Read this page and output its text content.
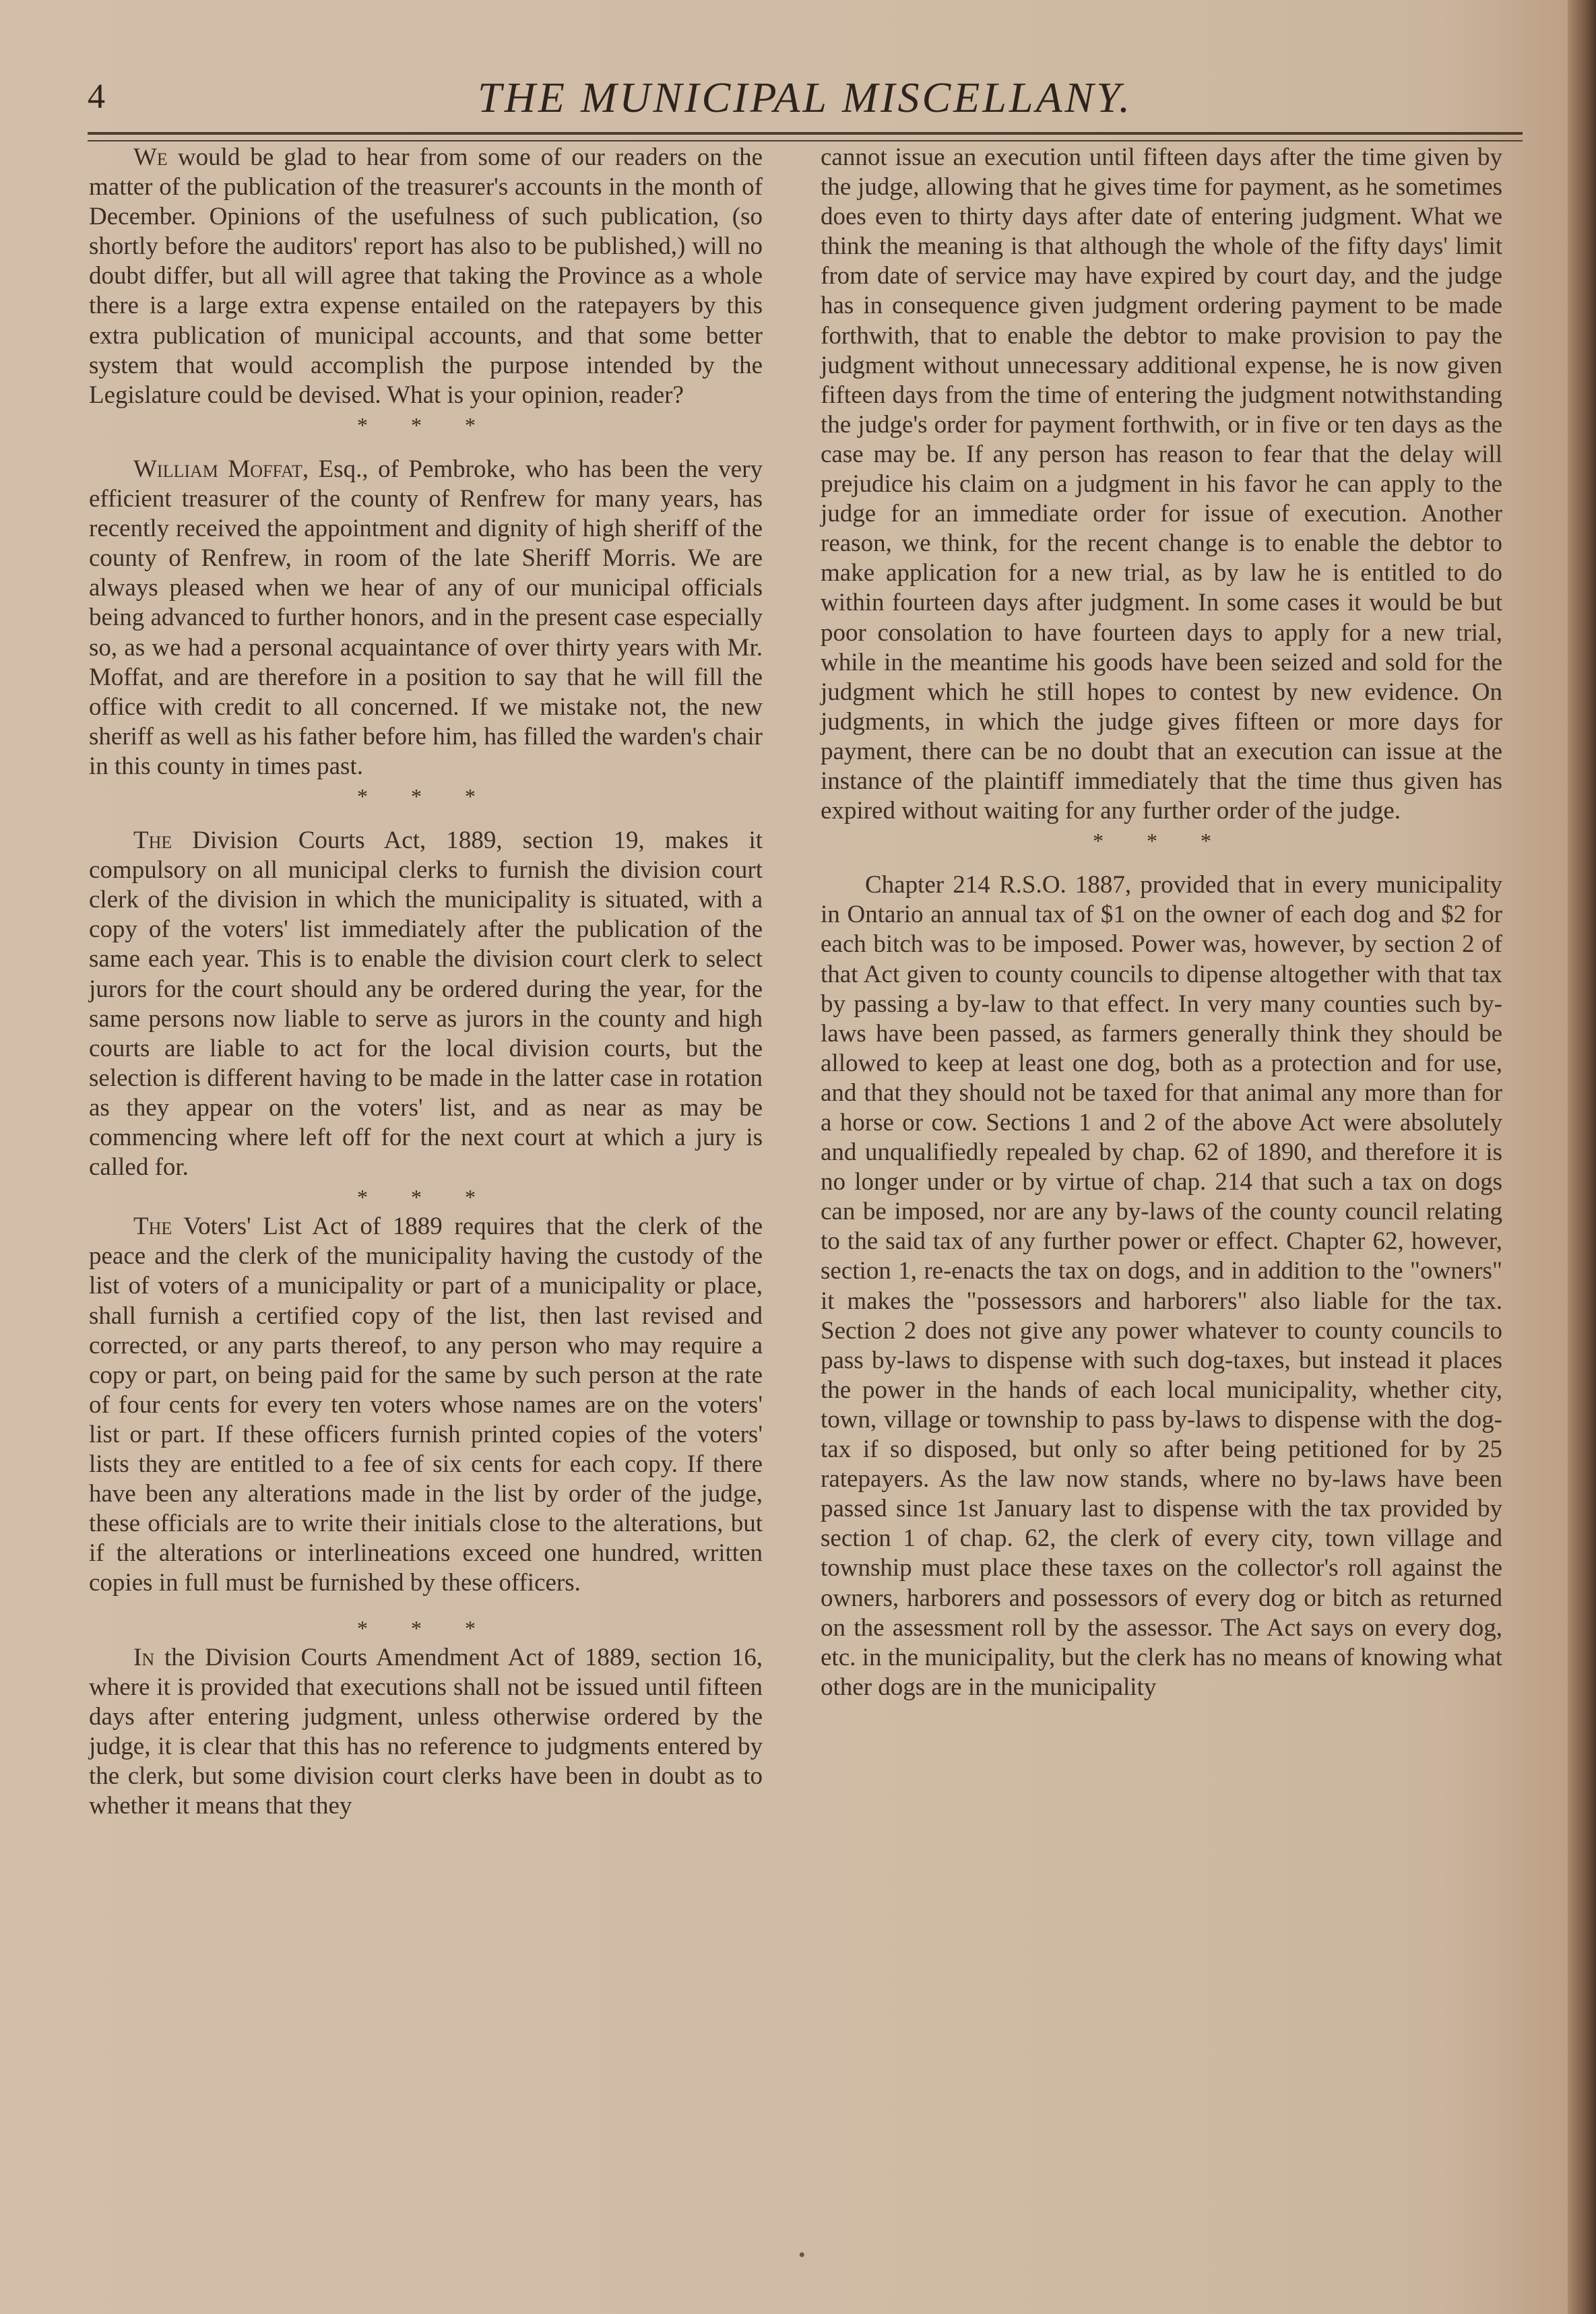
4	THE MUNICIPAL MISCELLANY.

We would be glad to hear from some of our readers on the matter of the publication of the treasurer's accounts in the month of December. Opinions of the usefulness of such publication, (so shortly before the auditors' report has also to be published,) will no doubt differ, but all will agree that taking the Province as a whole there is a large extra expense entailed on the ratepayers by this extra publication of municipal accounts, and that some better system that would accomplish the purpose intended by the Legislature could be devised. What is your opinion, reader?

* * *

William Moffat, Esq., of Pembroke, who has been the very efficient treasurer of the county of Renfrew for many years, has recently received the appointment and dignity of high sheriff of the county of Renfrew, in room of the late Sheriff Morris. We are always pleased when we hear of any of our municipal officials being advanced to further honors, and in the present case especially so, as we had a personal acquaintance of over thirty years with Mr. Moffat, and are therefore in a position to say that he will fill the office with credit to all concerned. If we mistake not, the new sheriff as well as his father before him, has filled the warden's chair in this county in times past.

* * *

The Division Courts Act, 1889, section 19, makes it compulsory on all municipal clerks to furnish the division court clerk of the division in which the municipality is situated, with a copy of the voters' list immediately after the publication of the same each year. This is to enable the division court clerk to select jurors for the court should any be ordered during the year, for the same persons now liable to serve as jurors in the county and high courts are liable to act for the local division courts, but the selection is different having to be made in the latter case in rotation as they appear on the voters' list, and as near as may be commencing where left off for the next court at which a jury is called for.

* * *

The Voters' List Act of 1889 requires that the clerk of the peace and the clerk of the municipality having the custody of the list of voters of a municipality or part of a municipality or place, shall furnish a certified copy of the list, then last revised and corrected, or any parts thereof, to any person who may require a copy or part, on being paid for the same by such person at the rate of four cents for every ten voters whose names are on the voters' list or part. If these officers furnish printed copies of the voters' lists they are entitled to a fee of six cents for each copy. If there have been any alterations made in the list by order of the judge, these officials are to write their initials close to the alterations, but if the alterations or interlineations exceed one hundred, written copies in full must be furnished by these officers.

* * *

In the Division Courts Amendment Act of 1889, section 16, where it is provided that executions shall not be issued until fifteen days after entering judgment, unless otherwise ordered by the judge, it is clear that this has no reference to judgments entered by the clerk, but some division court clerks have been in doubt as to whether it means that they

cannot issue an execution until fifteen days after the time given by the judge, allowing that he gives time for payment, as he sometimes does even to thirty days after date of entering judgment. What we think the meaning is that although the whole of the fifty days' limit from date of service may have expired by court day, and the judge has in consequence given judgment ordering payment to be made forthwith, that to enable the debtor to make provision to pay the judgment without unnecessary additional expense, he is now given fifteen days from the time of entering the judgment notwithstanding the judge's order for payment forthwith, or in five or ten days as the case may be. If any person has reason to fear that the delay will prejudice his claim on a judgment in his favor he can apply to the judge for an immediate order for issue of execution. Another reason, we think, for the recent change is to enable the debtor to make application for a new trial, as by law he is entitled to do within fourteen days after judgment. In some cases it would be but poor consolation to have fourteen days to apply for a new trial, while in the meantime his goods have been seized and sold for the judgment which he still hopes to contest by new evidence. On judgments, in which the judge gives fifteen or more days for payment, there can be no doubt that an execution can issue at the instance of the plaintiff immediately that the time thus given has expired without waiting for any further order of the judge.

* * *

Chapter 214 R.S.O. 1887, provided that in every municipality in Ontario an annual tax of $1 on the owner of each dog and $2 for each bitch was to be imposed. Power was, however, by section 2 of that Act given to county councils to dipense altogether with that tax by passing a by-law to that effect. In very many counties such by-laws have been passed, as farmers generally think they should be allowed to keep at least one dog, both as a protection and for use, and that they should not be taxed for that animal any more than for a horse or cow. Sections 1 and 2 of the above Act were absolutely and unqualifiedly repealed by chap. 62 of 1890, and therefore it is no longer under or by virtue of chap. 214 that such a tax on dogs can be imposed, nor are any by-laws of the county council relating to the said tax of any further power or effect. Chapter 62, however, section 1, re-enacts the tax on dogs, and in addition to the "owners" it makes the "possessors and harborers" also liable for the tax. Section 2 does not give any power whatever to county councils to pass by-laws to dispense with such dog-taxes, but instead it places the power in the hands of each local municipality, whether city, town, village or township to pass by-laws to dispense with the dog-tax if so disposed, but only so after being petitioned for by 25 ratepayers. As the law now stands, where no by-laws have been passed since 1st January last to dispense with the tax provided by section 1 of chap. 62, the clerk of every city, town village and township must place these taxes on the collector's roll against the owners, harborers and possessors of every dog or bitch as returned on the assessment roll by the assessor. The Act says on every dog, etc. in the municipality, but the clerk has no means of knowing what other dogs are in the municipality

•
